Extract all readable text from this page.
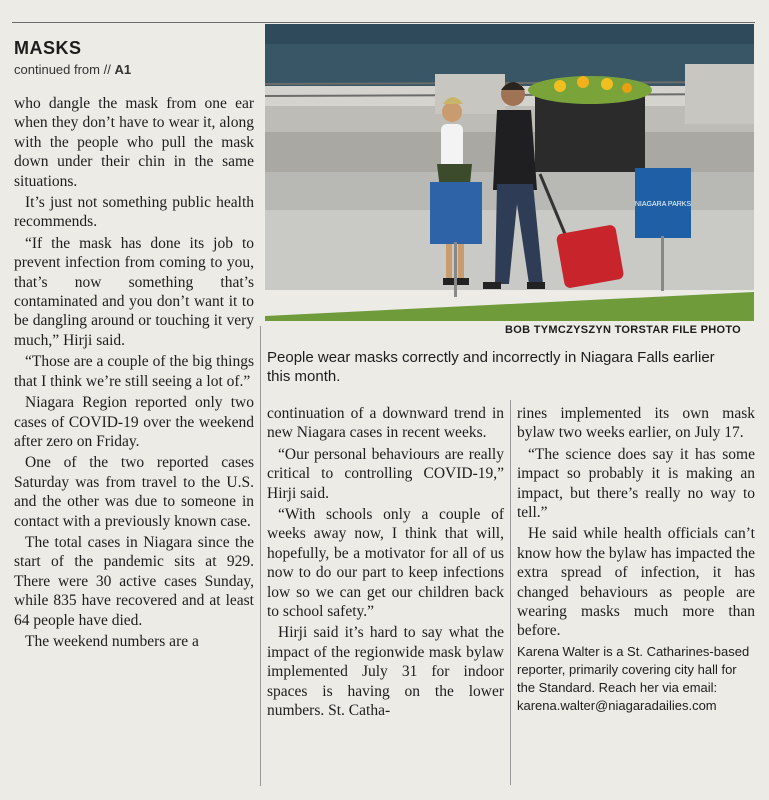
MASKS
continued from // A1
NIAGARA PARKS
BOB TYMCZYSZYN TORSTAR FILE PHOTO
People wear masks correctly and incorrectly in Niagara Falls earlier this month.

who dangle the mask from one ear when they don’t have to wear it, along with the people who pull the mask down under their chin in the same situations.

It’s just not something public health recommends.

“If the mask has done its job to prevent infection from coming to you, that’s now something that’s contaminated and you don’t want it to be dangling around or touching it very much,” Hirji said.

“Those are a couple of the big things that I think we’re still seeing a lot of.”

Niagara Region reported only two cases of COVID-19 over the weekend after zero on Friday.

One of the two reported cases Saturday was from travel to the U.S. and the other was due to someone in contact with a previously known case.

The total cases in Niagara since the start of the pandemic sits at 929. There were 30 active cases Sunday, while 835 have recovered and at least 64 people have died.

The weekend numbers are a

continuation of a downward trend in new Niagara cases in recent weeks.

“Our personal behaviours are really critical to controlling COVID-19,” Hirji said.

“With schools only a couple of weeks away now, I think that will, hopefully, be a motivator for all of us now to do our part to keep infections low so we can get our children back to school safety.”

Hirji said it’s hard to say what the impact of the regionwide mask bylaw implemented July 31 for indoor spaces is having on the lower numbers. St. Catha-

rines implemented its own mask bylaw two weeks earlier, on July 17.

“The science does say it has some impact so probably it is making an impact, but there’s really no way to tell.”

He said while health officials can’t know how the bylaw has impacted the extra spread of infection, it has changed behaviours as people are wearing masks much more than before.

Karena Walter is a St. Catharines-based reporter, primarily covering city hall for the Standard. Reach her via email: karena.walter@niagaradailies.com
